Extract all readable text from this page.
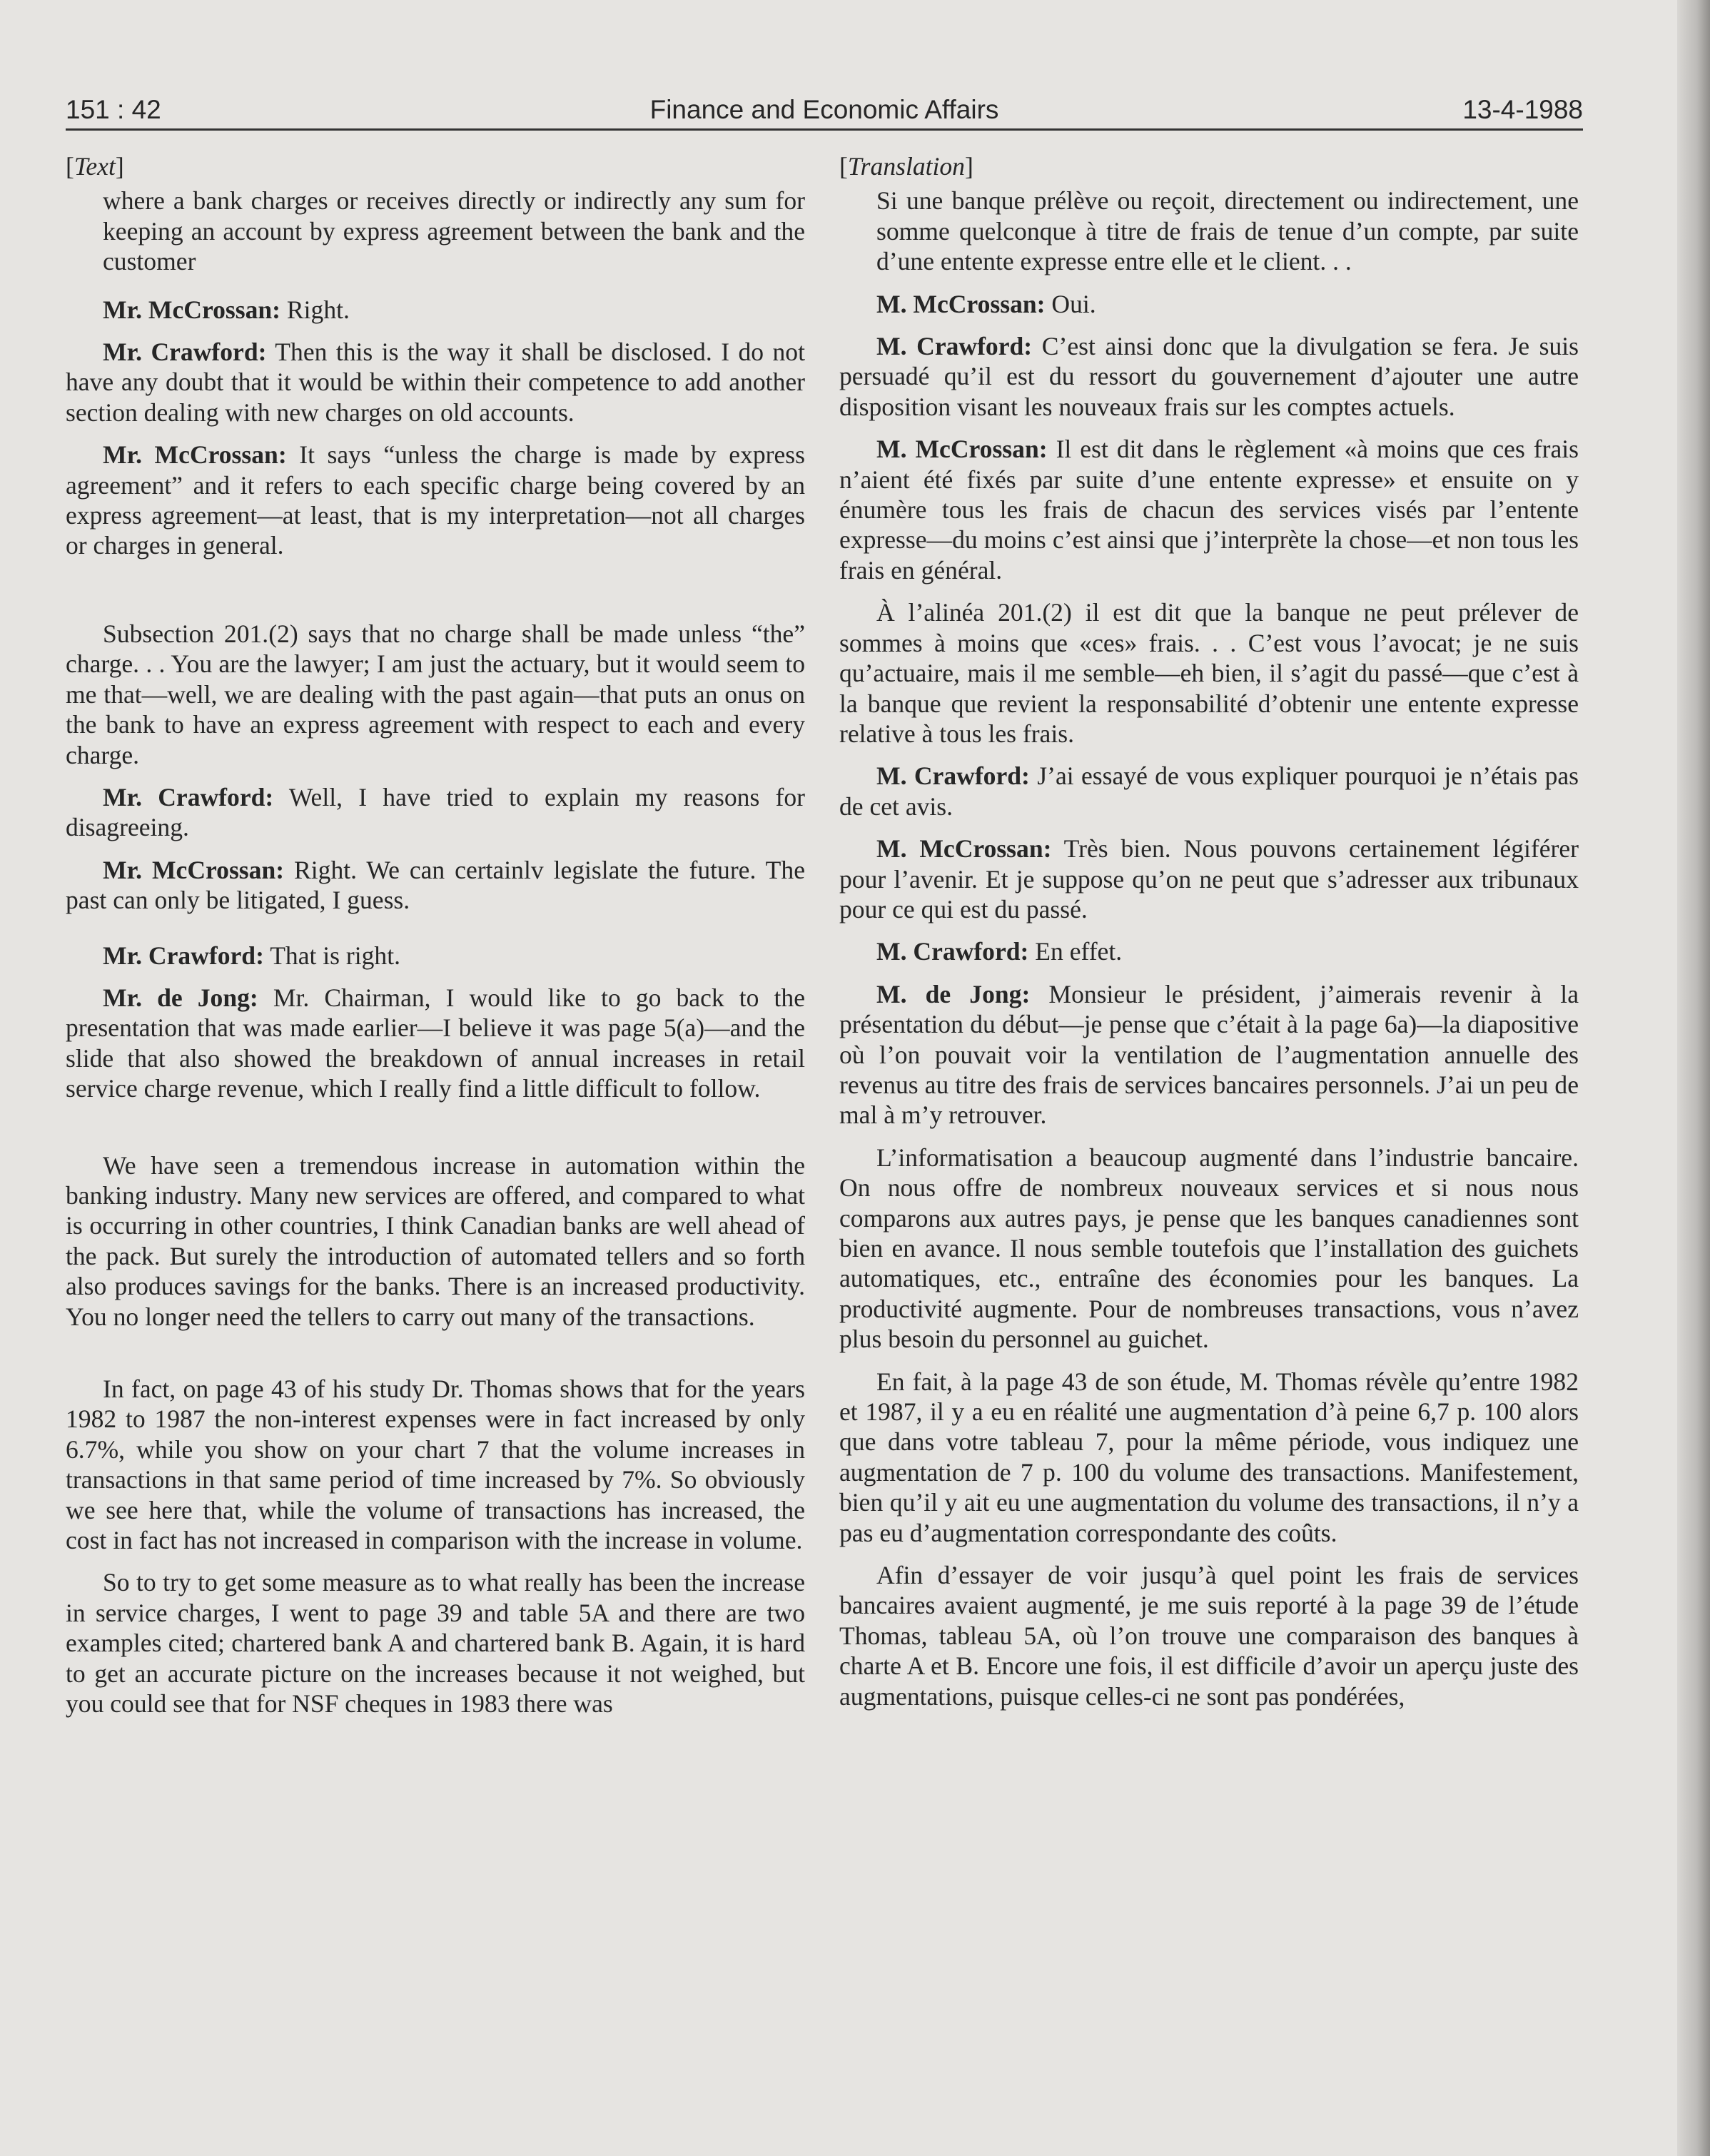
151 : 42	Finance and Economic Affairs	13-4-1988
[Text]

where a bank charges or receives directly or indirectly any sum for keeping an account by express agreement between the bank and the customer

Mr. McCrossan: Right.

Mr. Crawford: Then this is the way it shall be disclosed. I do not have any doubt that it would be within their competence to add another section dealing with new charges on old accounts.

Mr. McCrossan: It says “unless the charge is made by express agreement” and it refers to each specific charge being covered by an express agreement—at least, that is my interpretation—not all charges or charges in general.

Subsection 201.(2) says that no charge shall be made unless “the” charge. . . You are the lawyer; I am just the actuary, but it would seem to me that—well, we are dealing with the past again—that puts an onus on the bank to have an express agreement with respect to each and every charge.

Mr. Crawford: Well, I have tried to explain my reasons for disagreeing.

Mr. McCrossan: Right. We can certainlv legislate the future. The past can only be litigated, I guess.

Mr. Crawford: That is right.

Mr. de Jong: Mr. Chairman, I would like to go back to the presentation that was made earlier—I believe it was page 5(a)—and the slide that also showed the breakdown of annual increases in retail service charge revenue, which I really find a little difficult to follow.

We have seen a tremendous increase in automation within the banking industry. Many new services are offered, and compared to what is occurring in other countries, I think Canadian banks are well ahead of the pack. But surely the introduction of automated tellers and so forth also produces savings for the banks. There is an increased productivity. You no longer need the tellers to carry out many of the transactions.

In fact, on page 43 of his study Dr. Thomas shows that for the years 1982 to 1987 the non-interest expenses were in fact increased by only 6.7%, while you show on your chart 7 that the volume increases in transactions in that same period of time increased by 7%. So obviously we see here that, while the volume of transactions has increased, the cost in fact has not increased in comparison with the increase in volume.

So to try to get some measure as to what really has been the increase in service charges, I went to page 39 and table 5A and there are two examples cited; chartered bank A and chartered bank B. Again, it is hard to get an accurate picture on the increases because it not weighed, but you could see that for NSF cheques in 1983 there was

[Translation]

Si une banque prélève ou reçoit, directement ou indirectement, une somme quelconque à titre de frais de tenue d’un compte, par suite d’une entente expresse entre elle et le client. . .

M. McCrossan: Oui.

M. Crawford: C’est ainsi donc que la divulgation se fera. Je suis persuadé qu’il est du ressort du gouvernement d’ajouter une autre disposition visant les nouveaux frais sur les comptes actuels.

M. McCrossan: Il est dit dans le règlement «à moins que ces frais n’aient été fixés par suite d’une entente expresse» et ensuite on y énumère tous les frais de chacun des services visés par l’entente expresse—du moins c’est ainsi que j’interprète la chose—et non tous les frais en général.

À l’alinéa 201.(2) il est dit que la banque ne peut prélever de sommes à moins que «ces» frais. . . C’est vous l’avocat; je ne suis qu’actuaire, mais il me semble—eh bien, il s’agit du passé—que c’est à la banque que revient la responsabilité d’obtenir une entente expresse relative à tous les frais.

M. Crawford: J’ai essayé de vous expliquer pourquoi je n’étais pas de cet avis.

M. McCrossan: Très bien. Nous pouvons certainement légiférer pour l’avenir. Et je suppose qu’on ne peut que s’adresser aux tribunaux pour ce qui est du passé.

M. Crawford: En effet.

M. de Jong: Monsieur le président, j’aimerais revenir à la présentation du début—je pense que c’était à la page 6a)—la diapositive où l’on pouvait voir la ventilation de l’augmentation annuelle des revenus au titre des frais de services bancaires personnels. J’ai un peu de mal à m’y retrouver.

L’informatisation a beaucoup augmenté dans l’industrie bancaire. On nous offre de nombreux nouveaux services et si nous nous comparons aux autres pays, je pense que les banques canadiennes sont bien en avance. Il nous semble toutefois que l’installation des guichets automatiques, etc., entraîne des économies pour les banques. La productivité augmente. Pour de nombreuses transactions, vous n’avez plus besoin du personnel au guichet.

En fait, à la page 43 de son étude, M. Thomas révèle qu’entre 1982 et 1987, il y a eu en réalité une augmentation d’à peine 6,7 p. 100 alors que dans votre tableau 7, pour la même période, vous indiquez une augmentation de 7 p. 100 du volume des transactions. Manifestement, bien qu’il y ait eu une augmentation du volume des transactions, il n’y a pas eu d’augmentation correspondante des coûts.

Afin d’essayer de voir jusqu’à quel point les frais de services bancaires avaient augmenté, je me suis reporté à la page 39 de l’étude Thomas, tableau 5A, où l’on trouve une comparaison des banques à charte A et B. Encore une fois, il est difficile d’avoir un aperçu juste des augmentations, puisque celles-ci ne sont pas pondérées,
